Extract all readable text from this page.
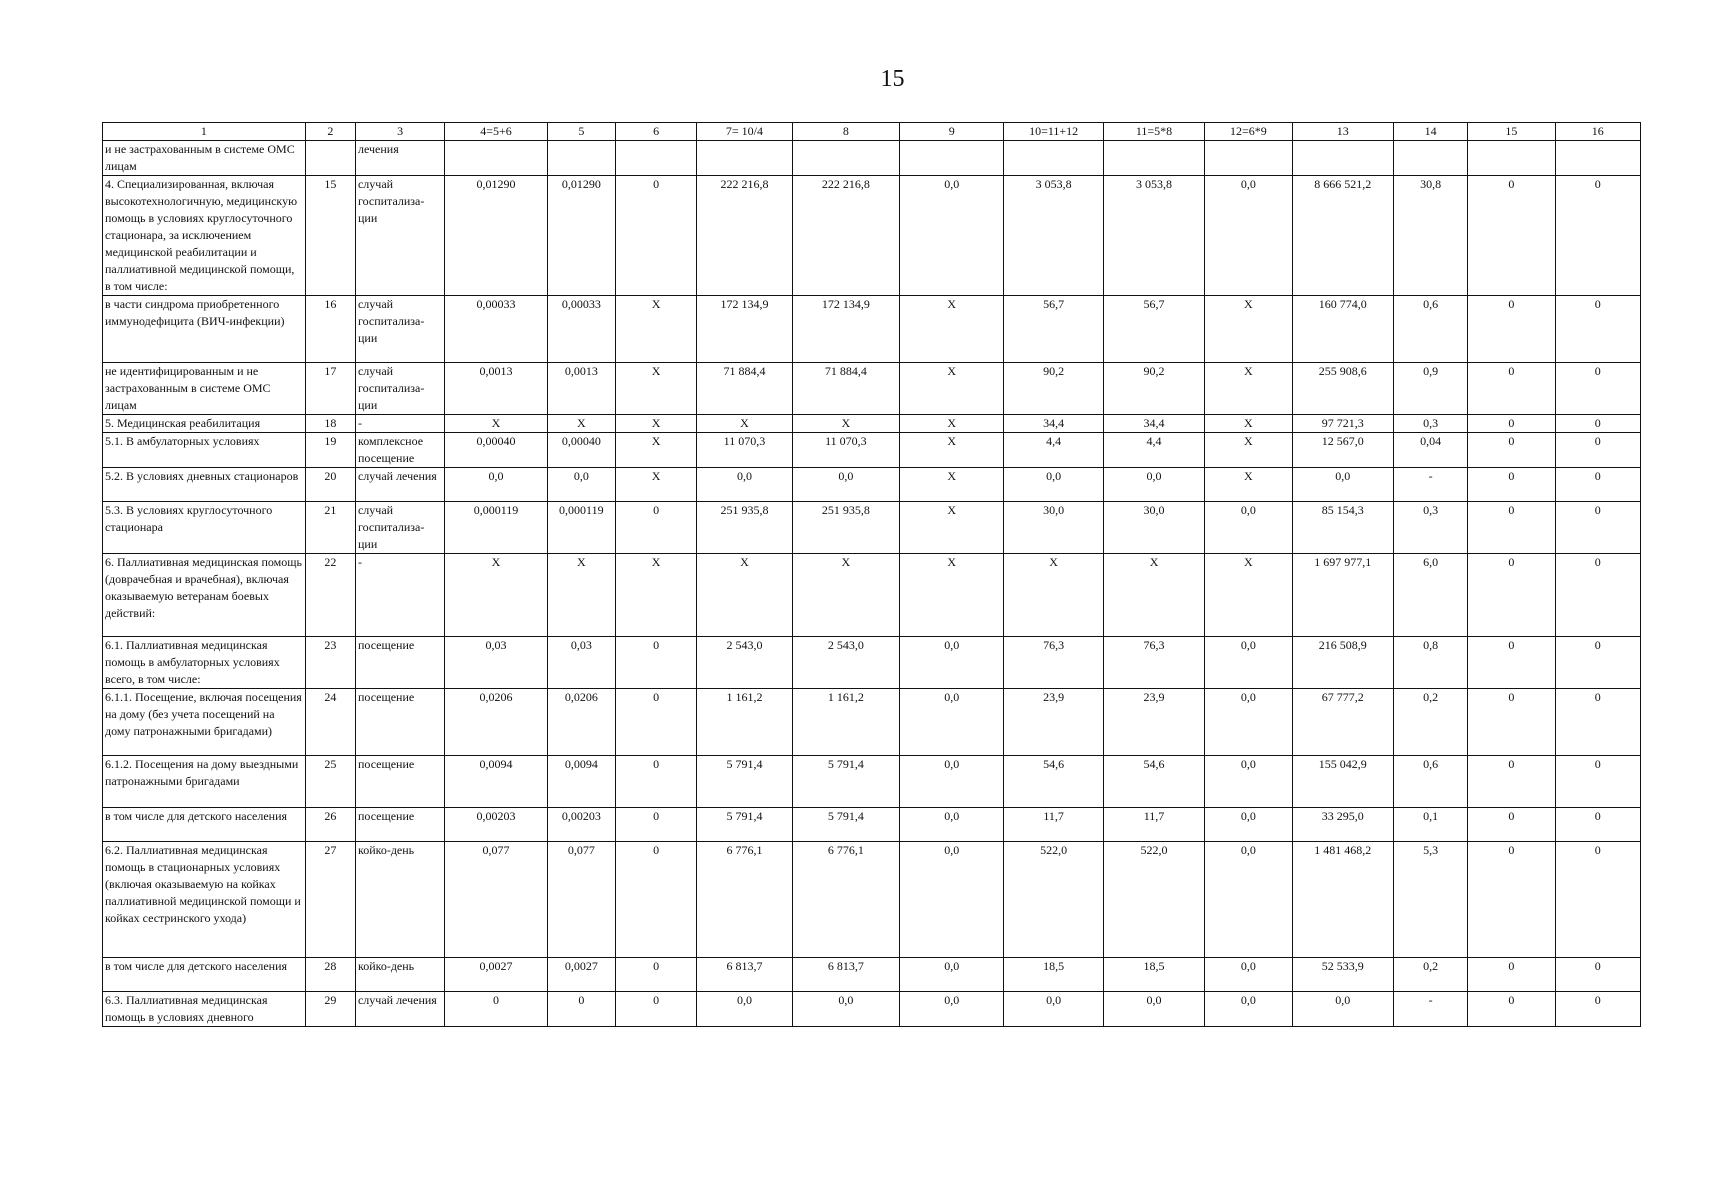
15
1	2	3	4=5+6	5	6	7= 10/4	8	9	10=11+12	11=5*8	12=6*9	13	14	15	16
и не застрахованным в системе ОМС лицам		лечения													
4. Специализированная, включая высокотехнологичную, медицинскую помощь в условиях круглосуточного стационара, за исключением медицинской реабилитации и паллиативной медицинской помощи, в том числе:	15	случай госпитализа-ции	0,01290	0,01290	0	222 216,8	222 216,8	0,0	3 053,8	3 053,8	0,0	8 666 521,2	30,8	0	0
в части синдрома приобретенного иммунодефицита (ВИЧ-инфекции)	16	случай госпитализа-ции	0,00033	0,00033	Х	172 134,9	172 134,9	Х	56,7	56,7	Х	160 774,0	0,6	0	0
не идентифицированным и не застрахованным в системе ОМС лицам	17	случай госпитализа-ции	0,0013	0,0013	Х	71 884,4	71 884,4	Х	90,2	90,2	Х	255 908,6	0,9	0	0
5. Медицинская реабилитация	18	-	Х	Х	Х	Х	Х	Х	34,4	34,4	Х	97 721,3	0,3	0	0
5.1. В амбулаторных условиях	19	комплексное посещение	0,00040	0,00040	Х	11 070,3	11 070,3	Х	4,4	4,4	Х	12 567,0	0,04	0	0
5.2. В условиях дневных стационаров	20	случай лечения	0,0	0,0	Х	0,0	0,0	Х	0,0	0,0	Х	0,0	-	0	0
5.3. В условиях круглосуточного стационара	21	случай госпитализа-ции	0,000119	0,000119	0	251 935,8	251 935,8	Х	30,0	30,0	0,0	85 154,3	0,3	0	0
6. Паллиативная медицинская помощь (доврачебная и врачебная), включая оказываемую ветеранам боевых действий:	22	-	Х	Х	Х	Х	Х	Х	Х	Х	Х	1 697 977,1	6,0	0	0
6.1. Паллиативная медицинская помощь в амбулаторных условиях всего, в том числе:	23	посещение	0,03	0,03	0	2 543,0	2 543,0	0,0	76,3	76,3	0,0	216 508,9	0,8	0	0
6.1.1. Посещение, включая посещения на дому (без учета посещений на дому патронажными бригадами)	24	посещение	0,0206	0,0206	0	1 161,2	1 161,2	0,0	23,9	23,9	0,0	67 777,2	0,2	0	0
6.1.2. Посещения на дому выездными патронажными бригадами	25	посещение	0,0094	0,0094	0	5 791,4	5 791,4	0,0	54,6	54,6	0,0	155 042,9	0,6	0	0
в том числе для детского населения	26	посещение	0,00203	0,00203	0	5 791,4	5 791,4	0,0	11,7	11,7	0,0	33 295,0	0,1	0	0
6.2. Паллиативная медицинская помощь в стационарных условиях (включая оказываемую на койках паллиативной медицинской помощи и койках сестринского ухода)	27	койко-день	0,077	0,077	0	6 776,1	6 776,1	0,0	522,0	522,0	0,0	1 481 468,2	5,3	0	0
в том числе для детского населения	28	койко-день	0,0027	0,0027	0	6 813,7	6 813,7	0,0	18,5	18,5	0,0	52 533,9	0,2	0	0
6.3. Паллиативная медицинская помощь в условиях дневного	29	случай лечения	0	0	0	0,0	0,0	0,0	0,0	0,0	0,0	0,0	-	0	0
